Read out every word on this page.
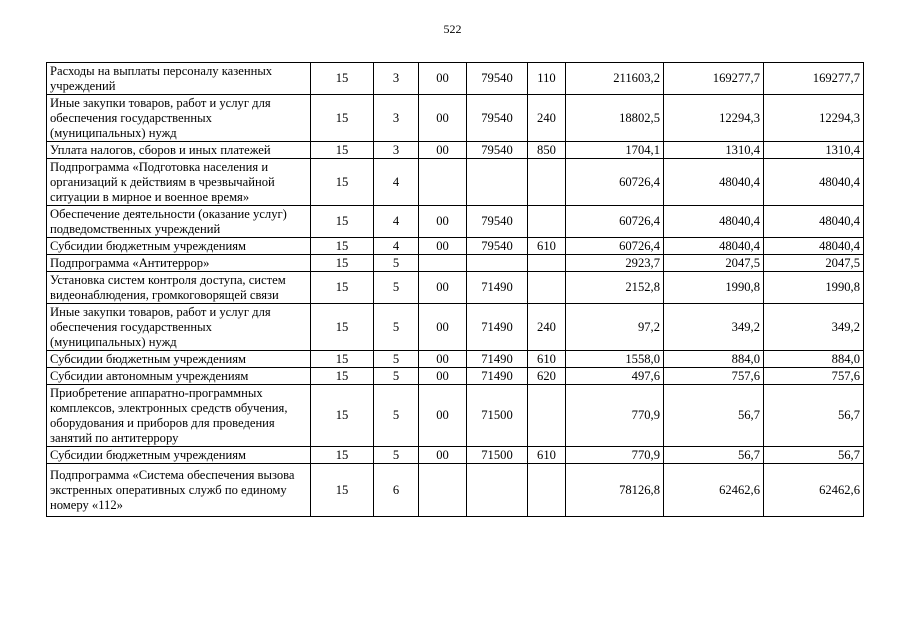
522
Расходы на выплаты персоналу казенных учреждений	15	3	00	79540	110	211603,2	169277,7	169277,7
Иные закупки товаров, работ и услуг для обеспечения государственных (муниципальных) нужд	15	3	00	79540	240	18802,5	12294,3	12294,3
Уплата налогов, сборов и иных платежей	15	3	00	79540	850	1704,1	1310,4	1310,4
Подпрограмма «Подготовка населения и организаций к действиям в чрезвычайной ситуации в мирное и военное время»	15	4				60726,4	48040,4	48040,4
Обеспечение деятельности (оказание услуг) подведомственных учреждений	15	4	00	79540		60726,4	48040,4	48040,4
Субсидии бюджетным учреждениям	15	4	00	79540	610	60726,4	48040,4	48040,4
Подпрограмма «Антитеррор»	15	5				2923,7	2047,5	2047,5
Установка систем контроля доступа, систем видеонаблюдения, громкоговорящей связи	15	5	00	71490		2152,8	1990,8	1990,8
Иные закупки товаров, работ и услуг для обеспечения государственных (муниципальных) нужд	15	5	00	71490	240	97,2	349,2	349,2
Субсидии бюджетным учреждениям	15	5	00	71490	610	1558,0	884,0	884,0
Субсидии автономным учреждениям	15	5	00	71490	620	497,6	757,6	757,6
Приобретение аппаратно-программных комплексов, электронных средств обучения, оборудования и приборов для проведения занятий по антитеррору	15	5	00	71500		770,9	56,7	56,7
Субсидии бюджетным учреждениям	15	5	00	71500	610	770,9	56,7	56,7
Подпрограмма «Система обеспечения вызова экстренных оперативных служб по единому номеру «112»	15	6				78126,8	62462,6	62462,6
